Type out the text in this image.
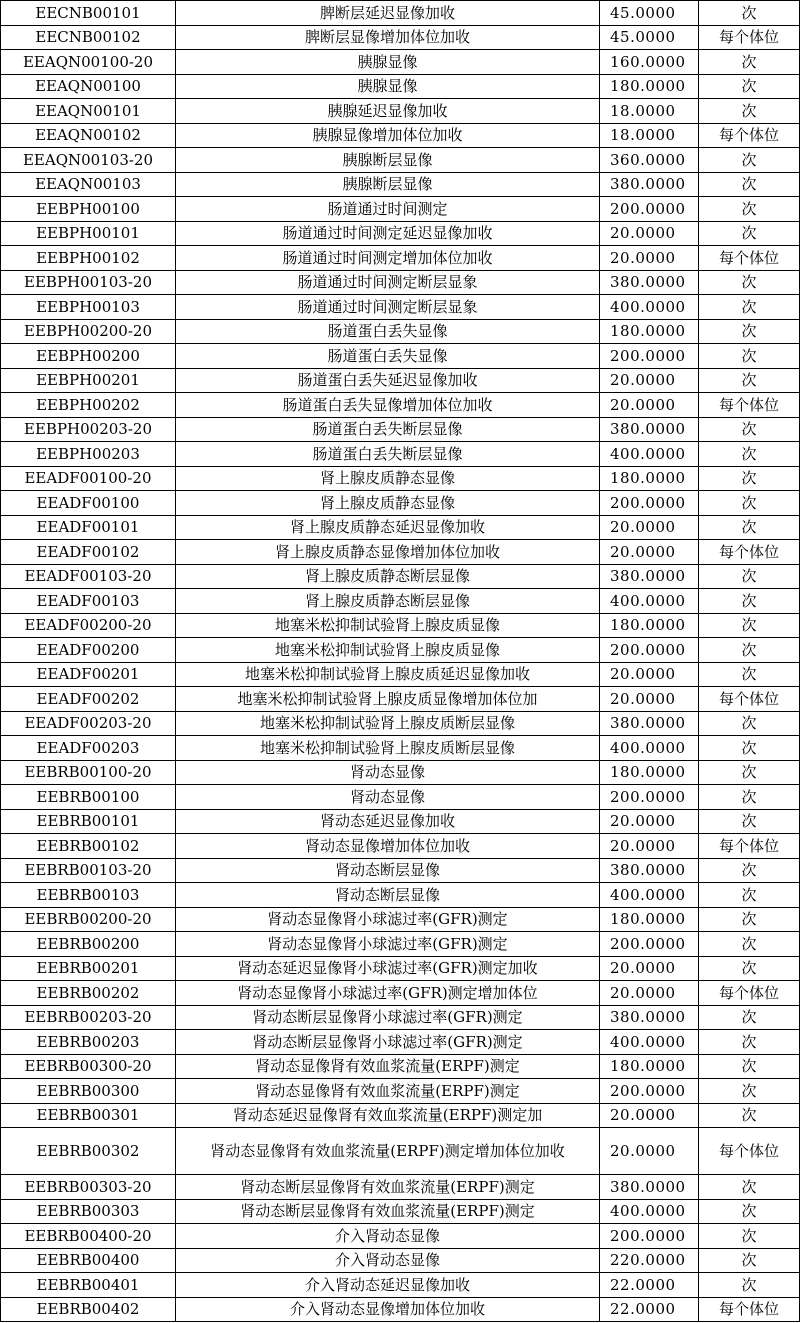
EECNB00101	脾断层延迟显像加收	45.0000	次
EECNB00102	脾断层显像增加体位加收	45.0000	每个体位
EEAQN00100-20	胰腺显像	160.0000	次
EEAQN00100	胰腺显像	180.0000	次
EEAQN00101	胰腺延迟显像加收	18.0000	次
EEAQN00102	胰腺显像增加体位加收	18.0000	每个体位
EEAQN00103-20	胰腺断层显像	360.0000	次
EEAQN00103	胰腺断层显像	380.0000	次
EEBPH00100	肠道通过时间测定	200.0000	次
EEBPH00101	肠道通过时间测定延迟显像加收	20.0000	次
EEBPH00102	肠道通过时间测定增加体位加收	20.0000	每个体位
EEBPH00103-20	肠道通过时间测定断层显象	380.0000	次
EEBPH00103	肠道通过时间测定断层显象	400.0000	次
EEBPH00200-20	肠道蛋白丢失显像	180.0000	次
EEBPH00200	肠道蛋白丢失显像	200.0000	次
EEBPH00201	肠道蛋白丢失延迟显像加收	20.0000	次
EEBPH00202	肠道蛋白丢失显像增加体位加收	20.0000	每个体位
EEBPH00203-20	肠道蛋白丢失断层显像	380.0000	次
EEBPH00203	肠道蛋白丢失断层显像	400.0000	次
EEADF00100-20	肾上腺皮质静态显像	180.0000	次
EEADF00100	肾上腺皮质静态显像	200.0000	次
EEADF00101	肾上腺皮质静态延迟显像加收	20.0000	次
EEADF00102	肾上腺皮质静态显像增加体位加收	20.0000	每个体位
EEADF00103-20	肾上腺皮质静态断层显像	380.0000	次
EEADF00103	肾上腺皮质静态断层显像	400.0000	次
EEADF00200-20	地塞米松抑制试验肾上腺皮质显像	180.0000	次
EEADF00200	地塞米松抑制试验肾上腺皮质显像	200.0000	次
EEADF00201	地塞米松抑制试验肾上腺皮质延迟显像加收	20.0000	次
EEADF00202	地塞米松抑制试验肾上腺皮质显像增加体位加	20.0000	每个体位
EEADF00203-20	地塞米松抑制试验肾上腺皮质断层显像	380.0000	次
EEADF00203	地塞米松抑制试验肾上腺皮质断层显像	400.0000	次
EEBRB00100-20	肾动态显像	180.0000	次
EEBRB00100	肾动态显像	200.0000	次
EEBRB00101	肾动态延迟显像加收	20.0000	次
EEBRB00102	肾动态显像增加体位加收	20.0000	每个体位
EEBRB00103-20	肾动态断层显像	380.0000	次
EEBRB00103	肾动态断层显像	400.0000	次
EEBRB00200-20	肾动态显像肾小球滤过率(GFR)测定	180.0000	次
EEBRB00200	肾动态显像肾小球滤过率(GFR)测定	200.0000	次
EEBRB00201	肾动态延迟显像肾小球滤过率(GFR)测定加收	20.0000	次
EEBRB00202	肾动态显像肾小球滤过率(GFR)测定增加体位	20.0000	每个体位
EEBRB00203-20	肾动态断层显像肾小球滤过率(GFR)测定	380.0000	次
EEBRB00203	肾动态断层显像肾小球滤过率(GFR)测定	400.0000	次
EEBRB00300-20	肾动态显像肾有效血浆流量(ERPF)测定	180.0000	次
EEBRB00300	肾动态显像肾有效血浆流量(ERPF)测定	200.0000	次
EEBRB00301	肾动态延迟显像肾有效血浆流量(ERPF)测定加	20.0000	次
EEBRB00302	肾动态显像肾有效血浆流量(ERPF)测定增加体位加收	20.0000	每个体位
EEBRB00303-20	肾动态断层显像肾有效血浆流量(ERPF)测定	380.0000	次
EEBRB00303	肾动态断层显像肾有效血浆流量(ERPF)测定	400.0000	次
EEBRB00400-20	介入肾动态显像	200.0000	次
EEBRB00400	介入肾动态显像	220.0000	次
EEBRB00401	介入肾动态延迟显像加收	22.0000	次
EEBRB00402	介入肾动态显像增加体位加收	22.0000	每个体位
